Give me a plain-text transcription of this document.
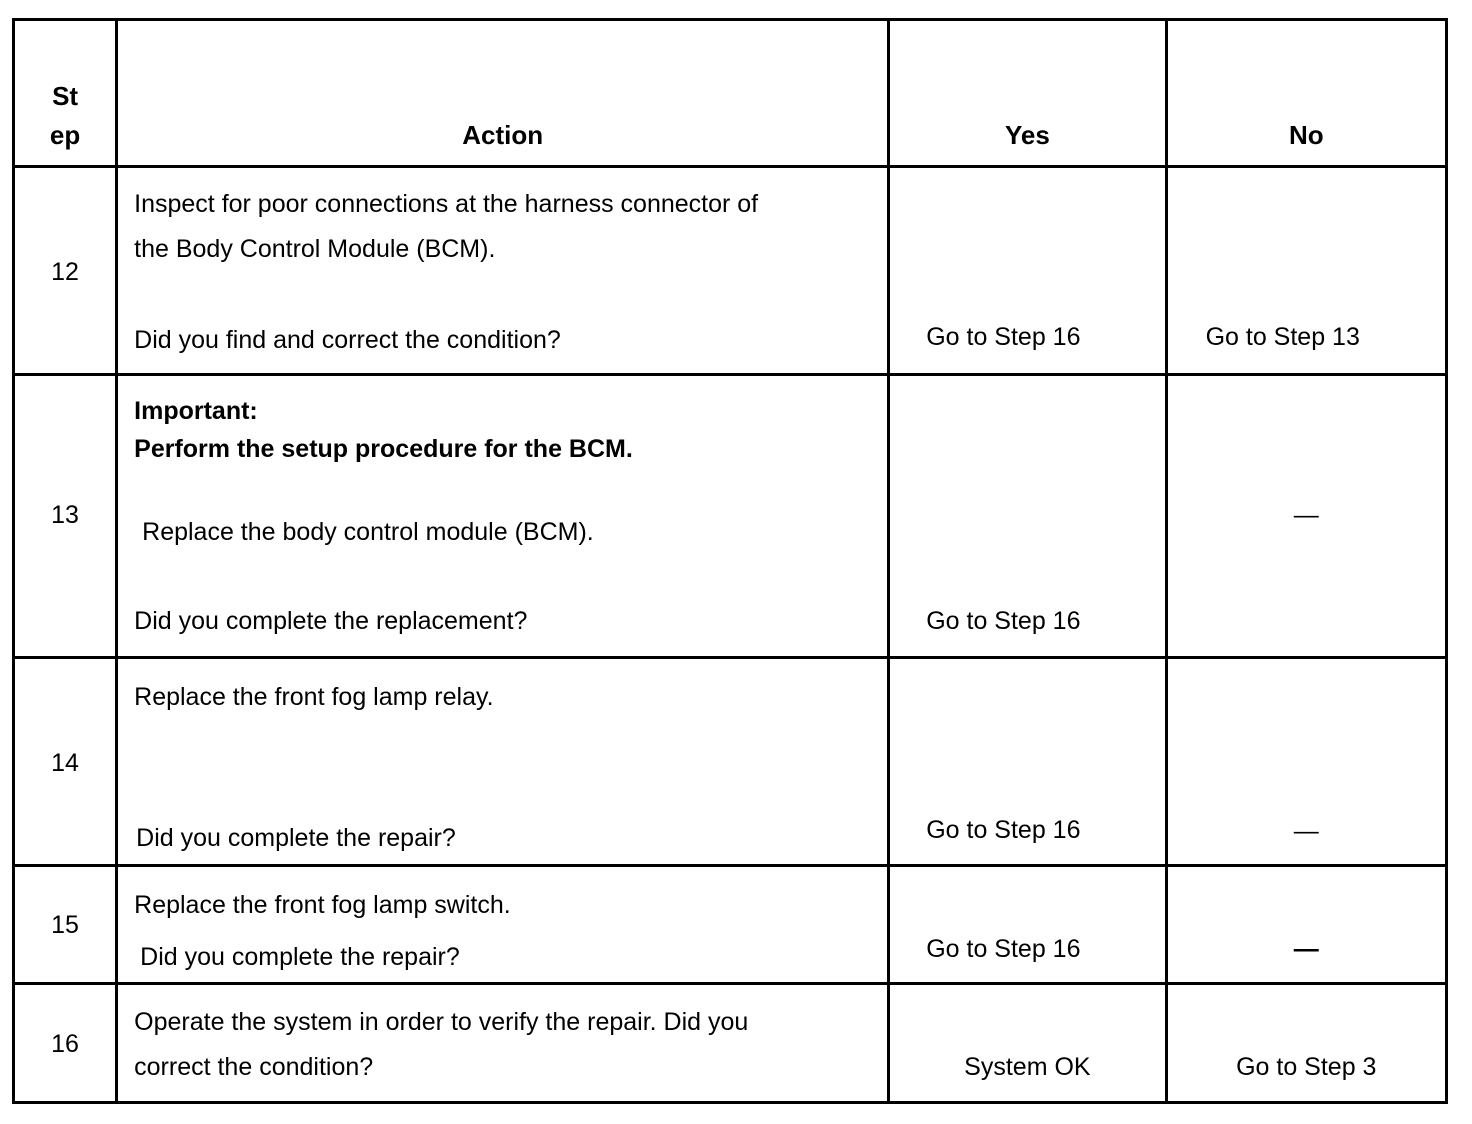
St
ep	Action	Yes	No

12	Inspect for poor connections at the harness connector of
the Body Control Module (BCM).
Did you find and correct the condition?	Go to Step 16	Go to Step 13

13	Important:
Perform the setup procedure for the BCM.
Replace the body control module (BCM).
Did you complete the replacement?	Go to Step 16	—

14	Replace the front fog lamp relay.
Did you complete the repair?	Go to Step 16	—

15	Replace the front fog lamp switch.
Did you complete the repair?	Go to Step 16	—

16	Operate the system in order to verify the repair. Did you
correct the condition?	System OK	Go to Step 3
